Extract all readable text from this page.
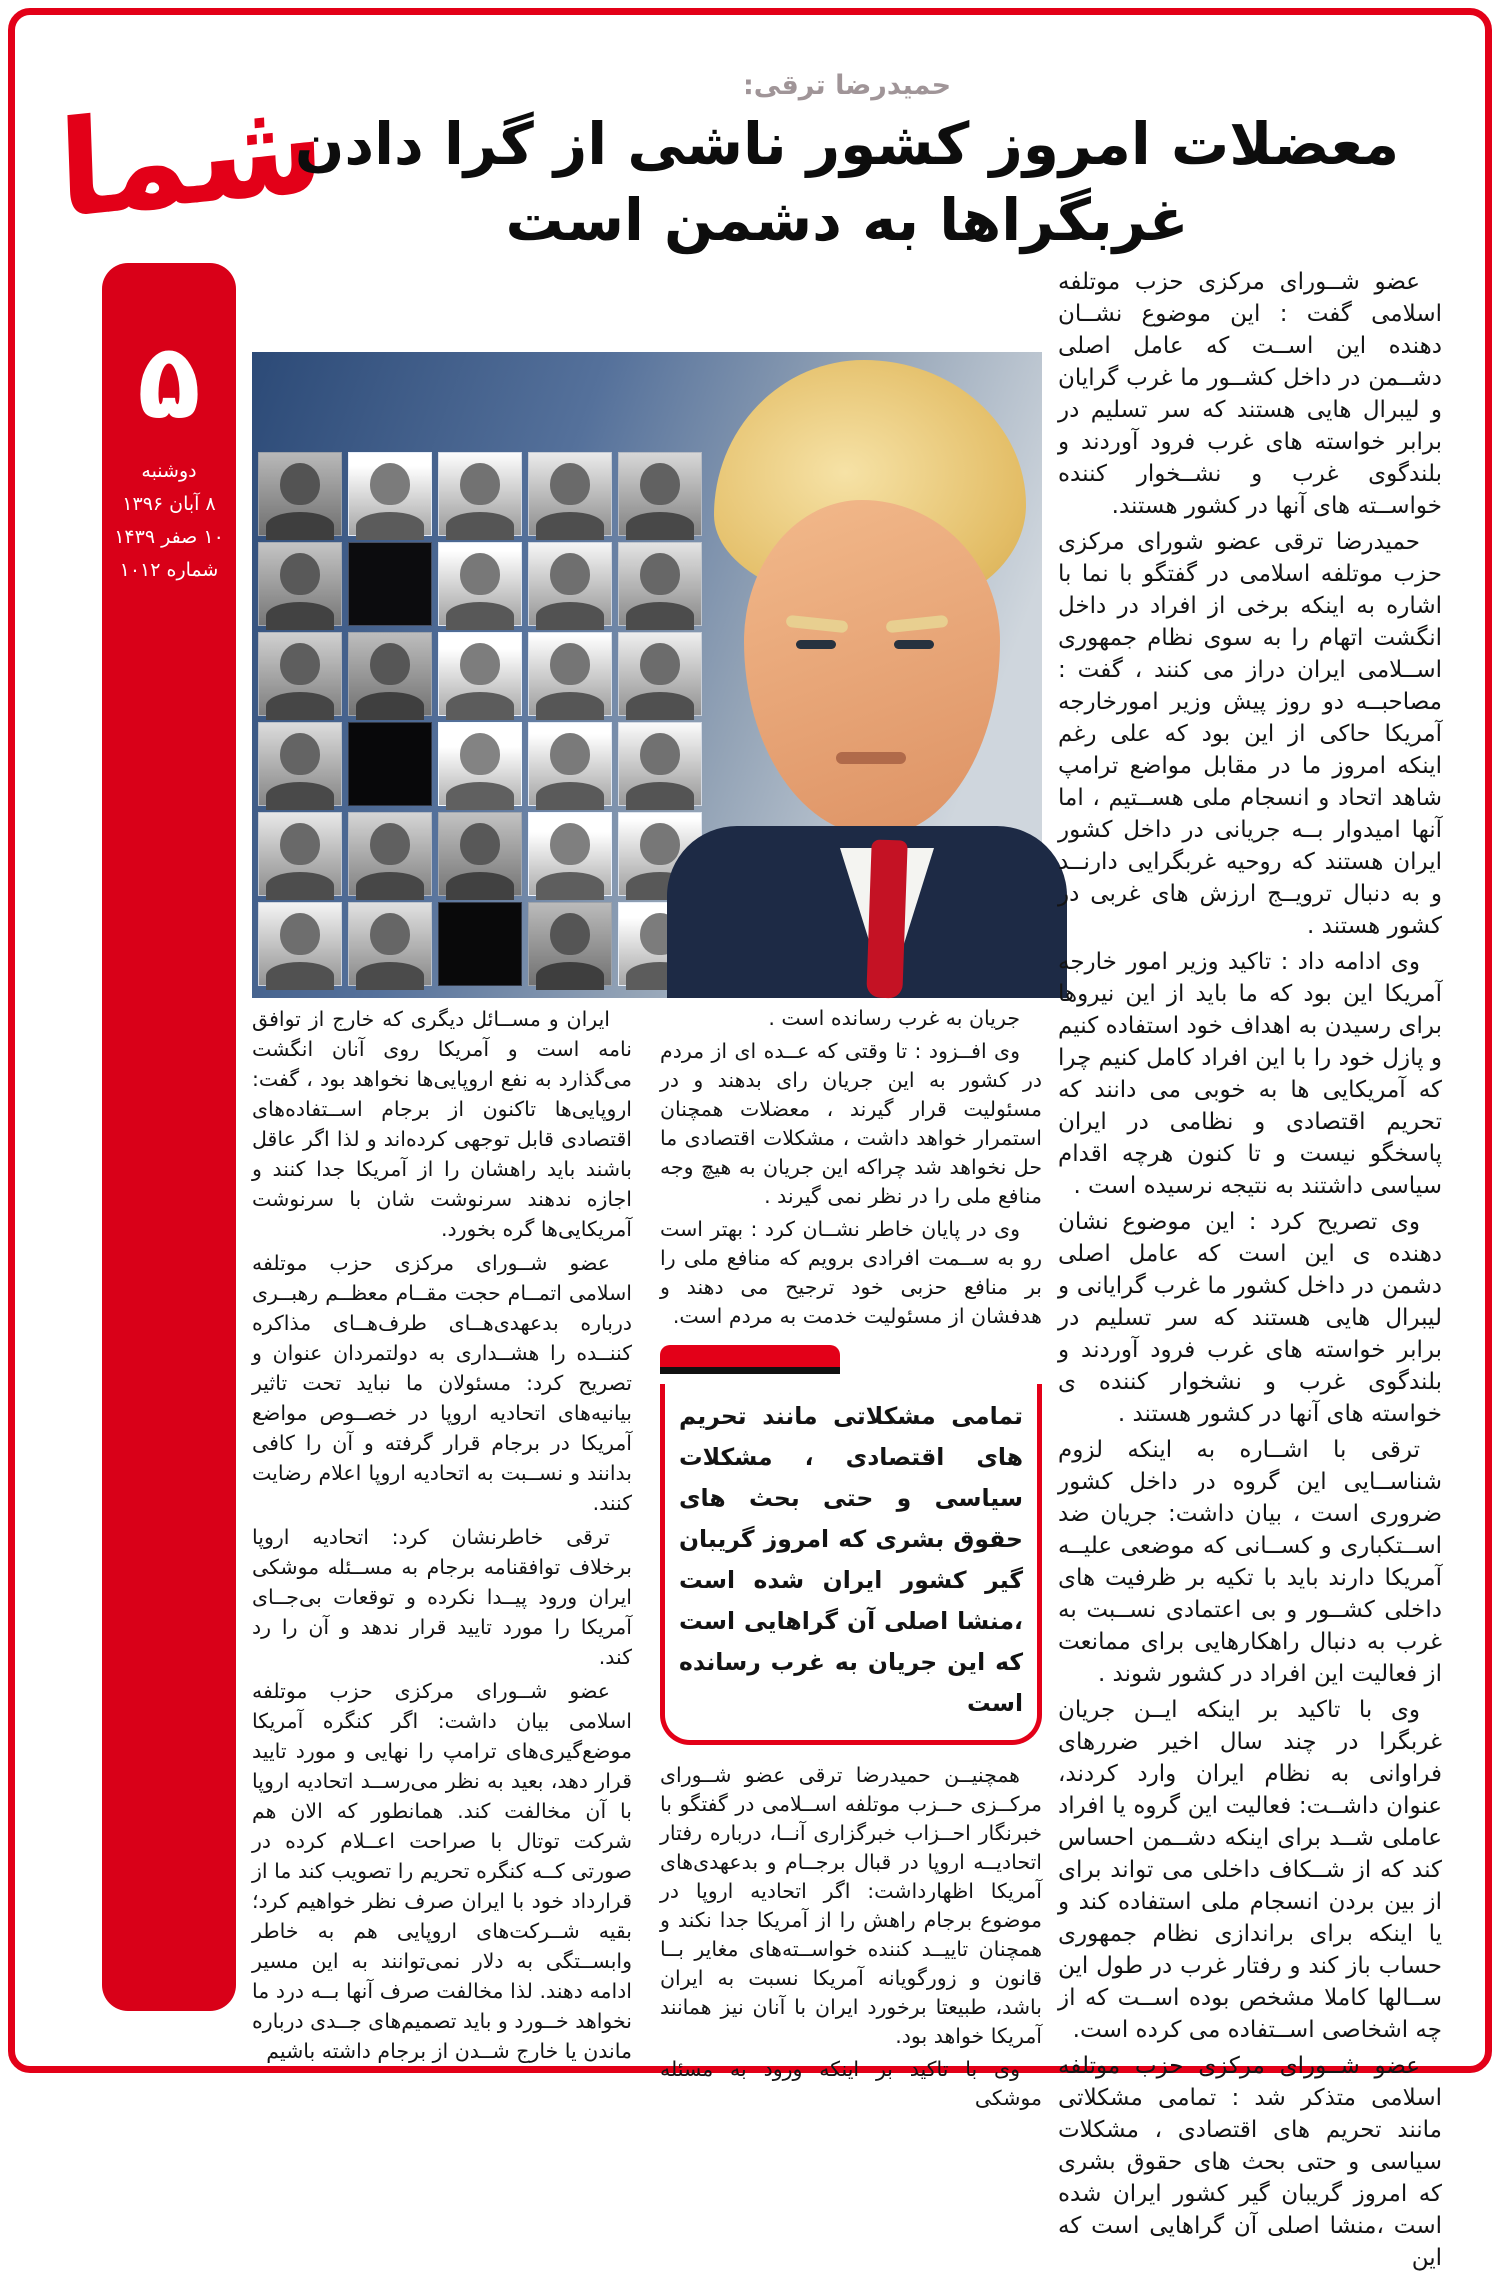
شما
۵

دوشنبه

۸ آبان ۱۳۹۶

۱۰ صفر ۱۴۳۹

شماره ۱۰۱۲

حمیدرضا ترقی:

معضلات امروز کشور ناشی از گرا دادن
غربگراها به دشمن است

عضو شــورای مرکزی حزب موتلفه اسلامی گفت : این موضوع نشــان دهنده این اســت که عامل اصلی دشــمن در داخل کشــور ما غرب گرایان و لیبرال هایی هستند که سر تسلیم در برابر خواسته های غرب فرود آوردند و بلندگوی غرب و نشــخوار کننده خواســته های آنها در کشور هستند.

حمیدرضا ترقی عضو شورای مرکزی حزب موتلفه اسلامی در گفتگو با نما با اشاره به اینکه برخی از افراد در داخل انگشت اتهام را به سوی نظام جمهوری اســلامی ایران دراز می کنند ، گفت : مصاحبــه دو روز پیش وزیر امورخارجه آمریکا حاکی از این بود که علی رغم اینکه امروز ما در مقابل مواضع ترامپ شاهد اتحاد و انسجام ملی هســتیم ، اما آنها امیدوار بــه جریانی در داخل کشور ایران هستند که روحیه غربگرایی دارنــد و به دنبال ترویــج ارزش های غربی در کشور هستند .

وی ادامه داد : تاکید وزیر امور خارجه آمریکا این بود که ما باید از این نیروها برای رسیدن به اهداف خود استفاده کنیم و پازل خود را با این افراد کامل کنیم چرا که آمریکایی ها به خوبی می دانند که تحریم اقتصادی و نظامی در ایران پاسخگو نیست و تا کنون هرچه اقدام سیاسی داشتند به نتیجه نرسیده است .

وی تصریح کرد : این موضوع نشان دهنده ی این است که عامل اصلی دشمن در داخل کشور ما غرب گرایانی و لیبرال هایی هستند که سر تسلیم در برابر خواسته های غرب فرود آوردند و بلندگوی غرب و نشخوار کننده ی خواسته های آنها در کشور هستند .

ترقی با اشــاره به اینکه لزوم شناســایی این گروه در داخل کشور ضروری است ، بیان داشت: جریان ضد اســتکباری و کســانی که موضعی علیــه آمریکا دارند باید با تکیه بر ظرفیت های داخلی کشــور و بی اعتمادی نســبت به غرب به دنبال راهکارهایی برای ممانعت از فعالیت این افراد در کشور شوند .

وی با تاکید بر اینکه ایــن جریان غربگرا در چند سال اخیر ضررهای فراوانی به نظام ایران وارد کردند، عنوان داشــت: فعالیت این گروه یا افراد عاملی شــد برای اینکه دشــمن احساس کند که از شــکاف داخلی می تواند برای از بین بردن انسجام ملی استفاده کند و یا اینکه برای براندازی نظام جمهوری حساب باز کند و رفتار غرب در طول این ســالها کاملا مشخص بوده اســت که از چه اشخاصی اســتفاده می کرده است.

عضو شــورای مرکزی حزب موتلفه اسلامی متذکر شد : تمامی مشکلاتی مانند تحریم های اقتصادی ، مشکلات سیاسی و حتی بحث های حقوق بشری که امروز گریبان گیر کشور ایران شده است ،منشا اصلی آن گراهایی است که این

جریان به غرب رسانده است .

وی افــزود : تا وقتی که عــده ای از مردم در کشور به این جریان رای بدهند و در مسئولیت قرار گیرند ، معضلات همچنان استمرار خواهد داشت ، مشکلات اقتصادی ما حل نخواهد شد چراکه این جریان به هیچ وجه منافع ملی را در نظر نمی گیرند .

وی در پایان خاطر نشــان کرد : بهتر است رو به ســمت افرادی برویم که منافع ملی را بر منافع حزبی خود ترجیح می دهند و هدفشان از مسئولیت خدمت به مردم است.

تمامی مشکلاتی مانند تحریم های اقتصادی ، مشکلات سیاسی و حتی بحث های حقوق بشری که امروز گریبان گیر کشور ایران شده است ،منشا اصلی آن گراهایی است که این جریان به غرب رسانده است

همچنیــن حمیدرضا ترقی عضو شــورای مرکــزی حــزب موتلفه اســلامی در گفتگو با خبرنگار احــزاب خبرگزاری آنــا، درباره رفتار اتحادیــه اروپا در قبال برجــام و بدعهدی‌های آمریکا اظهارداشت: اگر اتحادیه اروپا در موضوع برجام راهش را از آمریکا جدا نکند و همچنان تاییــد کننده خواســته‌های مغایر بــا قانون و زورگویانه آمریکا نسبت به ایران باشد، طبیعتا برخورد ایران با آنان نیز همانند آمریکا خواهد بود.

وی با تاکید بر اینکه ورود به مسئله موشکی

ایران و مســائل دیگری که خارج از توافق نامه است و آمریکا روی آنان انگشت می‌گذارد به نفع اروپایی‌ها نخواهد بود ، گفت: اروپایی‌ها تاکنون از برجام اســتفاده‌های اقتصادی قابل توجهی کرده‌اند و لذا اگر عاقل باشند باید راهشان را از آمریکا جدا کنند و اجازه ندهند سرنوشت شان با سرنوشت آمریکایی‌ها گره بخورد.

عضو شــورای مرکزی حزب موتلفه اسلامی اتمــام حجت مقــام معظــم رهبــری درباره بدعهدی‌هــای طرف‌هــای مذاکره کننــده را هشــداری به دولتمردان عنوان و تصریح کرد: مسئولان ما نباید تحت تاثیر بیانیه‌های اتحادیه اروپا در خصــوص مواضع آمریکا در برجام قرار گرفته و آن را کافی بدانند و نســبت به اتحادیه اروپا اعلام رضایت کنند.

ترقی خاطرنشان کرد: اتحادیه اروپا برخلاف توافقنامه برجام به مســئله موشکی ایران ورود پیــدا نکرده و توقعات بی‌جــای آمریکا را مورد تایید قرار ندهد و آن را رد کند.

عضو شــورای مرکزی حزب موتلفه اسلامی بیان داشت: اگر کنگره آمریکا موضع‌گیری‌های ترامپ را نهایی و مورد تایید قرار دهد، بعید به نظر می‌رســد اتحادیه اروپا با آن مخالفت کند. همانطور که الان هم شرکت توتال با صراحت اعــلام کرده در صورتی کــه کنگره تحریم را تصویب کند ما از قرارداد خود با ایران صرف نظر خواهیم کرد؛ بقیه شــرکت‌های اروپایی هم به خاطر وابســتگی به دلار نمی‌توانند به این مسیر ادامه دهند. لذا مخالفت صرف آنها بــه درد ما نخواهد خــورد و باید تصمیم‌های جــدی درباره ماندن یا خارج شــدن از برجام داشته باشیم
